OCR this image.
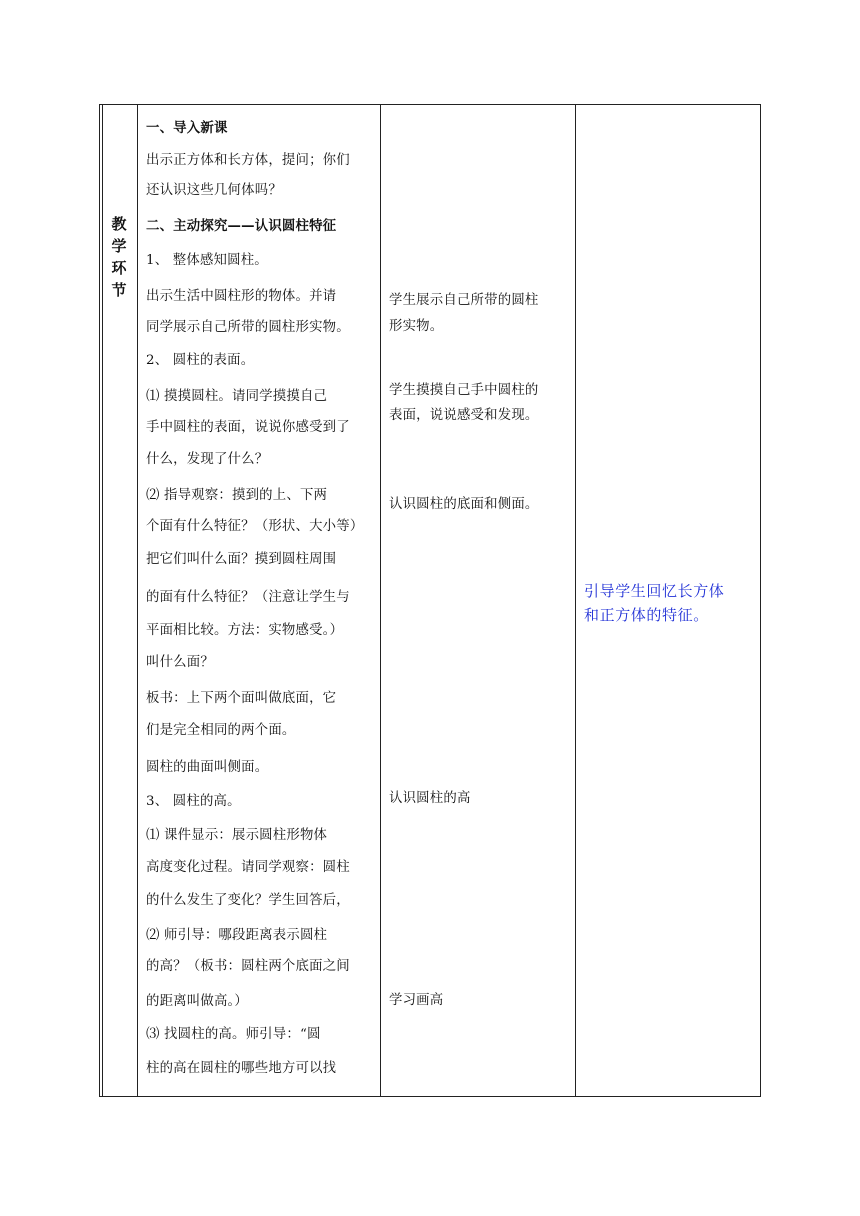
教
学
环
节
一、导入新课
出示正方体和长方体，提问；你们
还认识这些几何体吗？
二、主动探究——认识圆柱特征
1、 整体感知圆柱。
出示生活中圆柱形的物体。并请
同学展示自己所带的圆柱形实物。
2、 圆柱的表面。
⑴ 摸摸圆柱。请同学摸摸自己
手中圆柱的表面，说说你感受到了
什么，发现了什么？
⑵ 指导观察：摸到的上、下两
个面有什么特征？（形状、大小等）
把它们叫什么面？摸到圆柱周围
的面有什么特征？（注意让学生与
平面相比较。方法：实物感受。）
叫什么面？
板书：上下两个面叫做底面，它
们是完全相同的两个面。
圆柱的曲面叫侧面。
3、 圆柱的高。
⑴ 课件显示：展示圆柱形物体
高度变化过程。请同学观察：圆柱
的什么发生了变化？学生回答后，
⑵ 师引导：哪段距离表示圆柱
的高？（板书：圆柱两个底面之间
的距离叫做高。）
⑶ 找圆柱的高。师引导：“圆
柱的高在圆柱的哪些地方可以找
学生展示自己所带的圆柱
形实物。
学生摸摸自己手中圆柱的
表面，说说感受和发现。
认识圆柱的底面和侧面。
认识圆柱的高
学习画高
引导学生回忆长方体
和正方体的特征。
